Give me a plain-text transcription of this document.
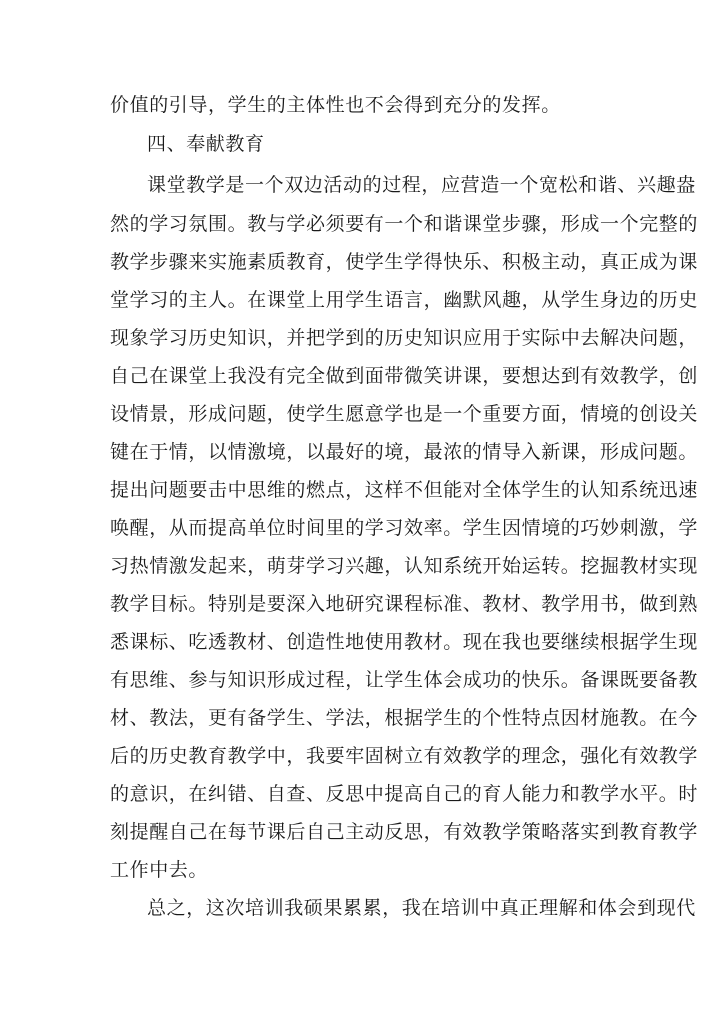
价值的引导，学生的主体性也不会得到充分的发挥。

四、奉献教育

课堂教学是一个双边活动的过程，应营造一个宽松和谐、兴趣盎

然的学习氛围。教与学必须要有一个和谐课堂步骤，形成一个完整的

教学步骤来实施素质教育，使学生学得快乐、积极主动，真正成为课

堂学习的主人。在课堂上用学生语言，幽默风趣，从学生身边的历史

现象学习历史知识，并把学到的历史知识应用于实际中去解决问题，

自己在课堂上我没有完全做到面带微笑讲课，要想达到有效教学，创

设情景，形成问题，使学生愿意学也是一个重要方面，情境的创设关

键在于情，以情激境，以最好的境，最浓的情导入新课，形成问题。

提出问题要击中思维的燃点，这样不但能对全体学生的认知系统迅速

唤醒，从而提高单位时间里的学习效率。学生因情境的巧妙刺激，学

习热情激发起来，萌芽学习兴趣，认知系统开始运转。挖掘教材实现

教学目标。特别是要深入地研究课程标准、教材、教学用书，做到熟

悉课标、吃透教材、创造性地使用教材。现在我也要继续根据学生现

有思维、参与知识形成过程，让学生体会成功的快乐。备课既要备教

材、教法，更有备学生、学法，根据学生的个性特点因材施教。在今

后的历史教育教学中，我要牢固树立有效教学的理念，强化有效教学

的意识，在纠错、自查、反思中提高自己的育人能力和教学水平。时

刻提醒自己在每节课后自己主动反思，有效教学策略落实到教育教学

工作中去。

总之，这次培训我硕果累累，我在培训中真正理解和体会到现代
